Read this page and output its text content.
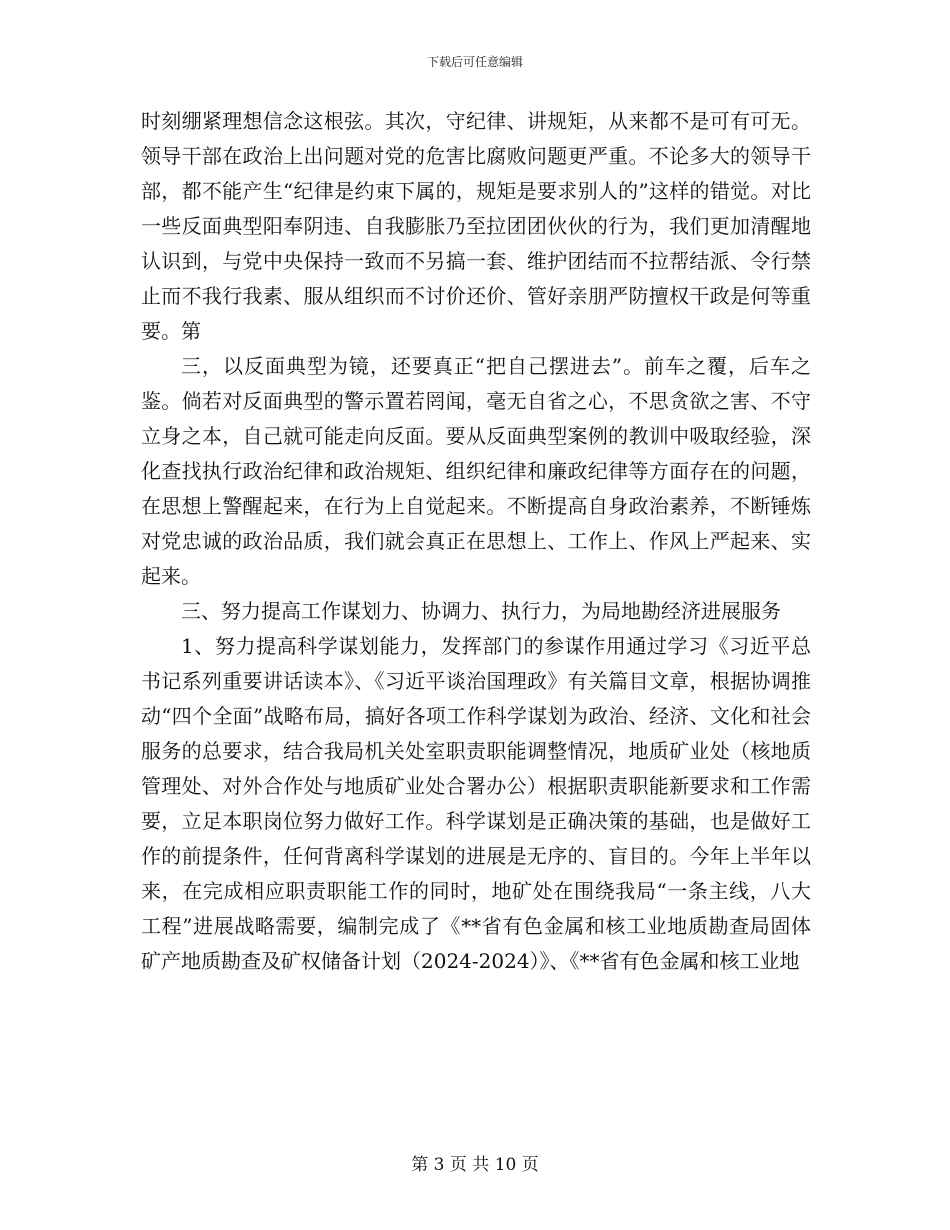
下载后可任意编辑

时刻绷紧理想信念这根弦。其次，守纪律、讲规矩，从来都不是可有可无。领导干部在政治上出问题对党的危害比腐败问题更严重。不论多大的领导干部，都不能产生“纪律是约束下属的，规矩是要求别人的”这样的错觉。对比一些反面典型阳奉阴违、自我膨胀乃至拉团团伙伙的行为，我们更加清醒地认识到，与党中央保持一致而不另搞一套、维护团结而不拉帮结派、令行禁止而不我行我素、服从组织而不讨价还价、管好亲朋严防擅权干政是何等重要。第

三，以反面典型为镜，还要真正“把自己摆进去”。前车之覆，后车之鉴。倘若对反面典型的警示置若罔闻，毫无自省之心，不思贪欲之害、不守立身之本，自己就可能走向反面。要从反面典型案例的教训中吸取经验，深化查找执行政治纪律和政治规矩、组织纪律和廉政纪律等方面存在的问题，在思想上警醒起来，在行为上自觉起来。不断提高自身政治素养，不断锤炼对党忠诚的政治品质，我们就会真正在思想上、工作上、作风上严起来、实起来。

三、努力提高工作谋划力、协调力、执行力，为局地勘经济进展服务

1、努力提高科学谋划能力，发挥部门的参谋作用通过学习《习近平总书记系列重要讲话读本》、《习近平谈治国理政》有关篇目文章，根据协调推动“四个全面”战略布局，搞好各项工作科学谋划为政治、经济、文化和社会服务的总要求，结合我局机关处室职责职能调整情况，地质矿业处（核地质管理处、对外合作处与地质矿业处合署办公）根据职责职能新要求和工作需要，立足本职岗位努力做好工作。科学谋划是正确决策的基础，也是做好工作的前提条件，任何背离科学谋划的进展是无序的、盲目的。今年上半年以来，在完成相应职责职能工作的同时，地矿处在围绕我局“一条主线，八大工程”进展战略需要，编制完成了《**省有色金属和核工业地质勘查局固体矿产地质勘查及矿权储备计划（2024-2024）》、《**省有色金属和核工业地

第 3 页 共 10 页
